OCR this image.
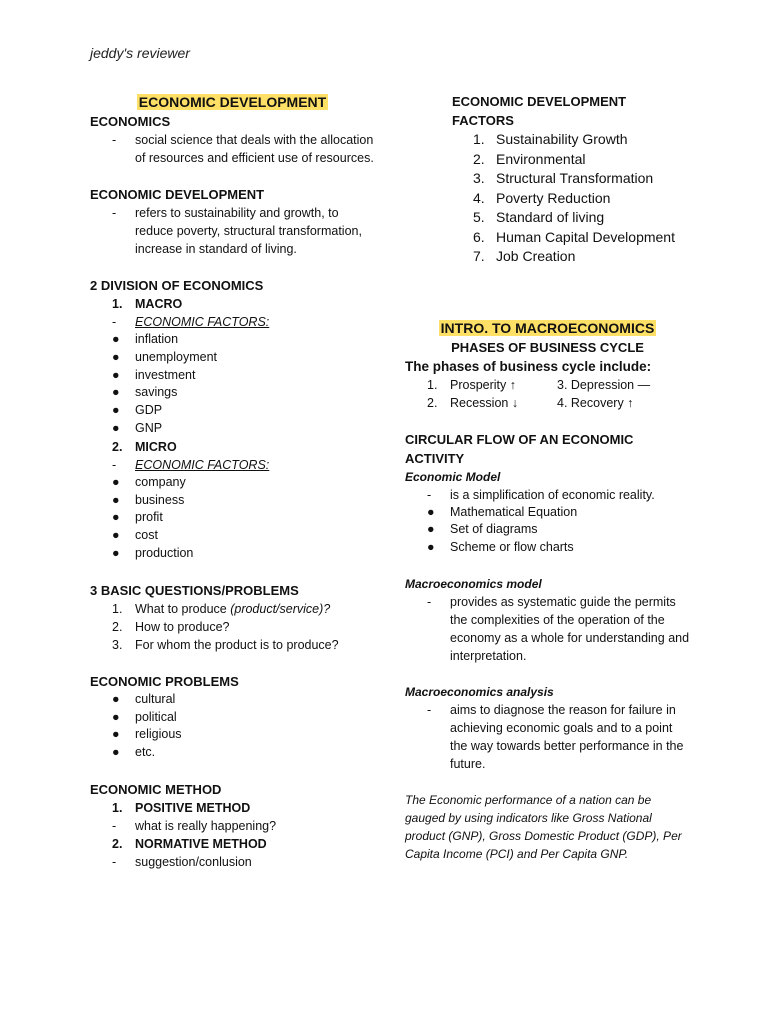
jeddy's reviewer
ECONOMIC DEVELOPMENT
ECONOMICS
-	social science that deals with the allocation of resources and efficient use of resources.
ECONOMIC DEVELOPMENT
-	refers to sustainability and growth, to reduce poverty, structural transformation, increase in standard of living.
2 DIVISION OF ECONOMICS
1.	MACRO
-	ECONOMIC FACTORS:
●	inflation
●	unemployment
●	investment
●	savings
●	GDP
●	GNP
2.	MICRO
-	ECONOMIC FACTORS:
●	company
●	business
●	profit
●	cost
●	production
3 BASIC QUESTIONS/PROBLEMS
1.	What to produce (product/service)?
2.	How to produce?
3.	For whom the product is to produce?
ECONOMIC PROBLEMS
●	cultural
●	political
●	religious
●	etc.
ECONOMIC METHOD
1.	POSITIVE METHOD
-	what is really happening?
2.	NORMATIVE METHOD
-	suggestion/conlusion
ECONOMIC DEVELOPMENT
FACTORS
1. Sustainability Growth
2. Environmental
3. Structural Transformation
4. Poverty Reduction
5. Standard of living
6. Human Capital Development
7. Job Creation
INTRO. TO MACROECONOMICS
PHASES OF BUSINESS CYCLE
The phases of business cycle include:
1. Prosperity ↑	3. Depression —
2. Recession ↓	4. Recovery ↑
CIRCULAR FLOW OF AN ECONOMIC
ACTIVITY
Economic Model
-	is a simplification of economic reality.
●	Mathematical Equation
●	Set of diagrams
●	Scheme or flow charts
Macroeconomics model
-	provides as systematic guide the permits the complexities of the operation of the economy as a whole for understanding and interpretation.
Macroeconomics analysis
-	aims to diagnose the reason for failure in achieving economic goals and to a point the way towards better performance in the future.
The Economic performance of a nation can be gauged by using indicators like Gross National product (GNP), Gross Domestic Product (GDP), Per Capita Income (PCI) and Per Capita GNP.
